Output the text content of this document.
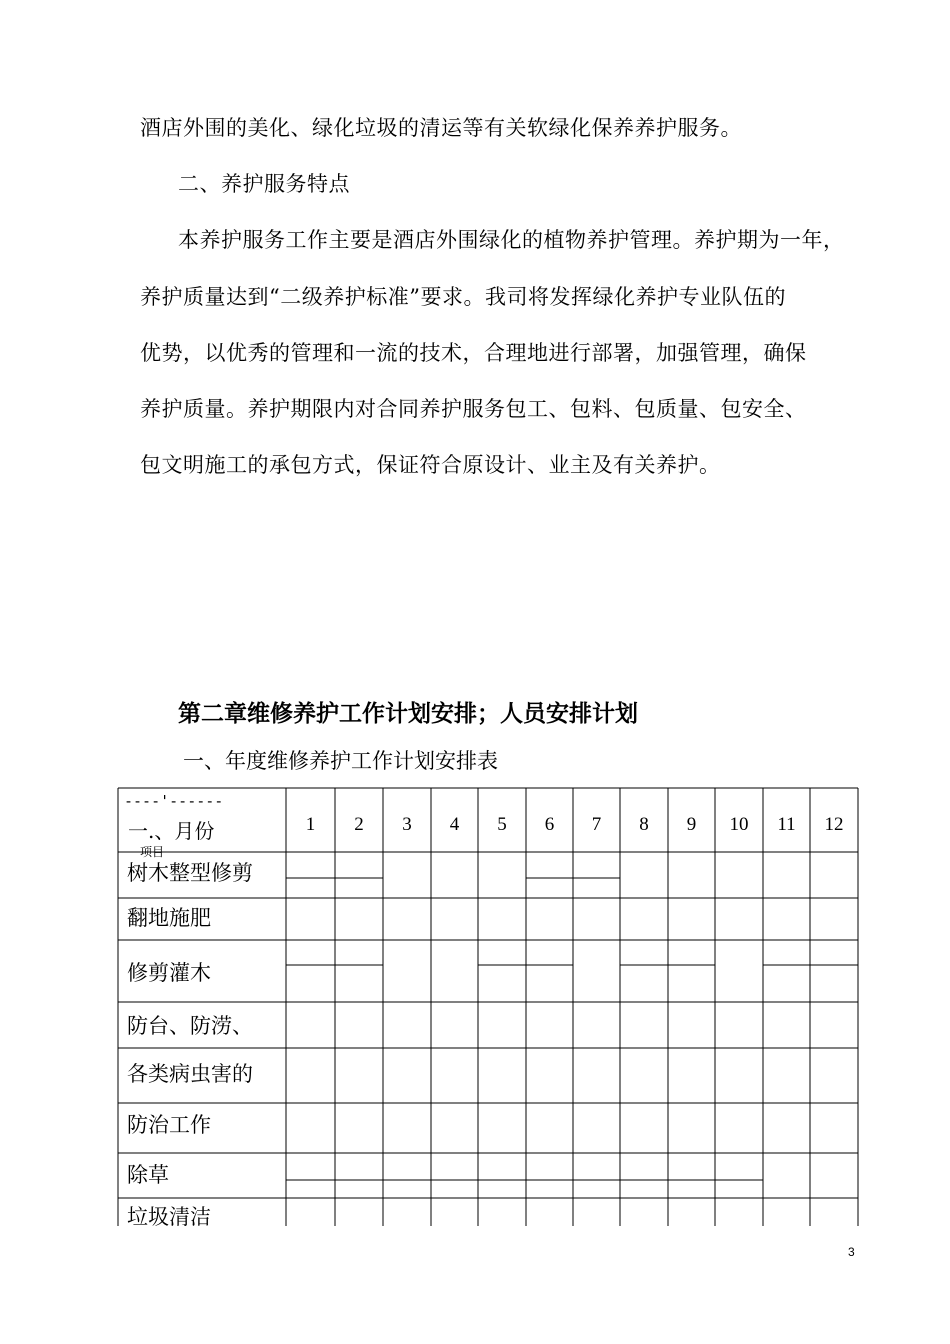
酒店外围的美化、绿化垃圾的清运等有关软绿化保养养护服务。
二、养护服务特点
本养护服务工作主要是酒店外围绿化的植物养护管理。养护期为一年，
养护质量达到“二级养护标准”要求。我司将发挥绿化养护专业队伍的
优势，以优秀的管理和一流的技术，合理地进行部署，加强管理，确保
养护质量。养护期限内对合同养护服务包工、包料、包质量、包安全、
包文明施工的承包方式，保证符合原设计、业主及有关养护。
第二章维修养护工作计划安排；人员安排计划
一、年度维修养护工作计划安排表
----'------
一.、月份
项目
1 2 3 4 5 6 7 8 9 10 11 12
树木整型修剪
翻地施肥
修剪灌木
防台、防涝、
各类病虫害的
防治工作
除草
垃圾清洁
3
